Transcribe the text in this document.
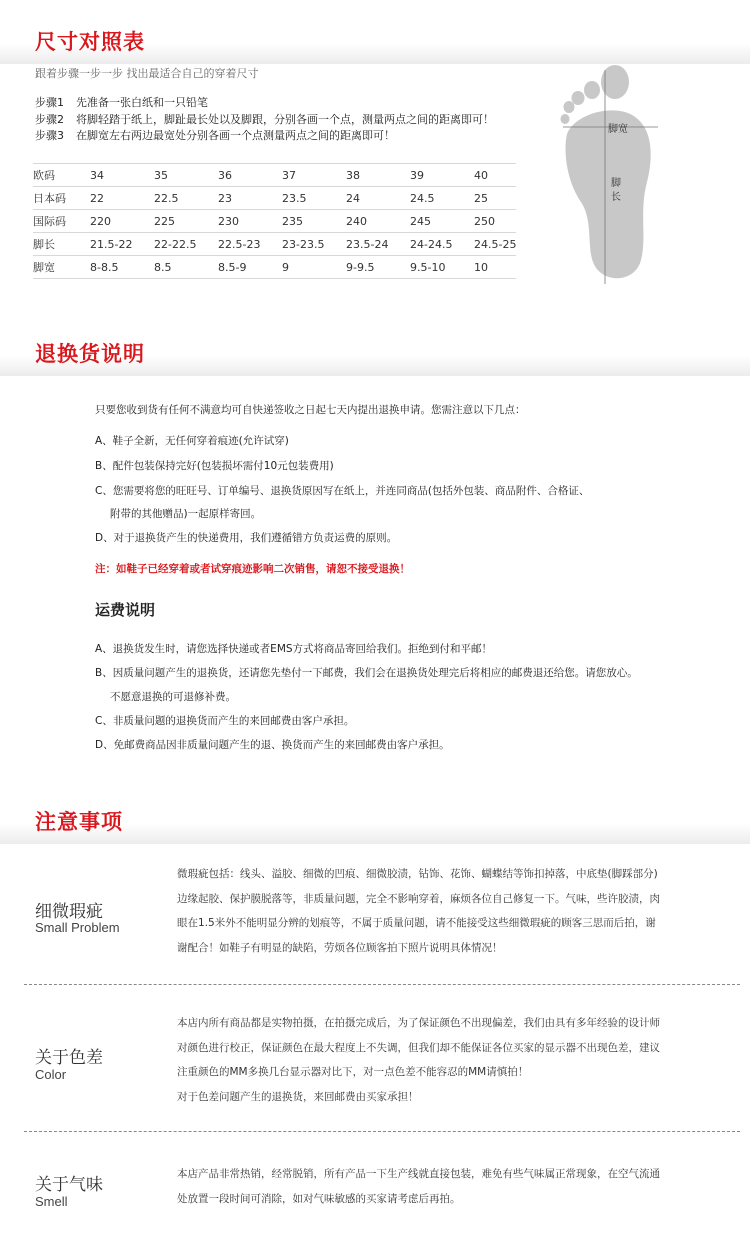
尺寸对照表
跟着步骤一步一步 找出最适合自己的穿着尺寸
步骤1 先准备一张白纸和一只铅笔
步骤2 将脚轻踏于纸上，脚趾最长处以及脚跟，分别各画一个点，测量两点之间的距离即可！
步骤3 在脚宽左右两边最宽处分别各画一个点测量两点之间的距离即可！
欧码	34	35	36	37	38	39	40
日本码	22	22.5	23	23.5	24	24.5	25
国际码	220	225	230	235	240	245	250
脚长	21.5-22	22-22.5	22.5-23	23-23.5	23.5-24	24-24.5	24.5-25
脚宽	8-8.5	8.5	8.5-9	9	9-9.5	9.5-10	10
脚宽
脚
长
退换货说明
只要您收到货有任何不满意均可自快递签收之日起七天内提出退换申请。您需注意以下几点：
A、鞋子全新，无任何穿着痕迹(允许试穿)
B、配件包装保持完好(包装损坏需付10元包装费用)
C、您需要将您的旺旺号、订单编号、退换货原因写在纸上，并连同商品(包括外包装、商品附件、合格证、
附带的其他赠品)一起原样寄回。
D、对于退换货产生的快递费用，我们遵循错方负责运费的原则。
注：如鞋子已经穿着或者试穿痕迹影响二次销售，请恕不接受退换！
运费说明
A、退换货发生时，请您选择快递或者EMS方式将商品寄回给我们。拒绝到付和平邮！
B、因质量问题产生的退换货，还请您先垫付一下邮费，我们会在退换货处理完后将相应的邮费退还给您。请您放心。
不愿意退换的可退修补费。
C、非质量问题的退换货而产生的来回邮费由客户承担。
D、免邮费商品因非质量问题产生的退、换货而产生的来回邮费由客户承担。
注意事项
细微瑕疵
Small Problem
微瑕疵包括：线头、溢胶、细微的凹痕、细微胶渍，钻饰、花饰、蝴蝶结等饰扣掉落，中底垫(脚踩部分)
边缘起胶、保护膜脱落等，非质量问题，完全不影响穿着，麻烦各位自己修复一下。气味，些许胶渍，肉
眼在1.5米外不能明显分辨的划痕等，不属于质量问题，请不能接受这些细微瑕疵的顾客三思而后拍，谢
谢配合！如鞋子有明显的缺陷，劳烦各位顾客拍下照片说明具体情况！
关于色差
Color
本店内所有商品都是实物拍摄，在拍摄完成后，为了保证颜色不出现偏差，我们由具有多年经验的设计师
对颜色进行校正，保证颜色在最大程度上不失调，但我们却不能保证各位买家的显示器不出现色差，建议
注重颜色的MM多换几台显示器对比下，对一点色差不能容忍的MM请慎拍！
对于色差问题产生的退换货，来回邮费由买家承担！
关于气味
Smell
本店产品非常热销，经常脱销，所有产品一下生产线就直接包装，难免有些气味属正常现象，在空气流通
处放置一段时间可消除，如对气味敏感的买家请考虑后再拍。
